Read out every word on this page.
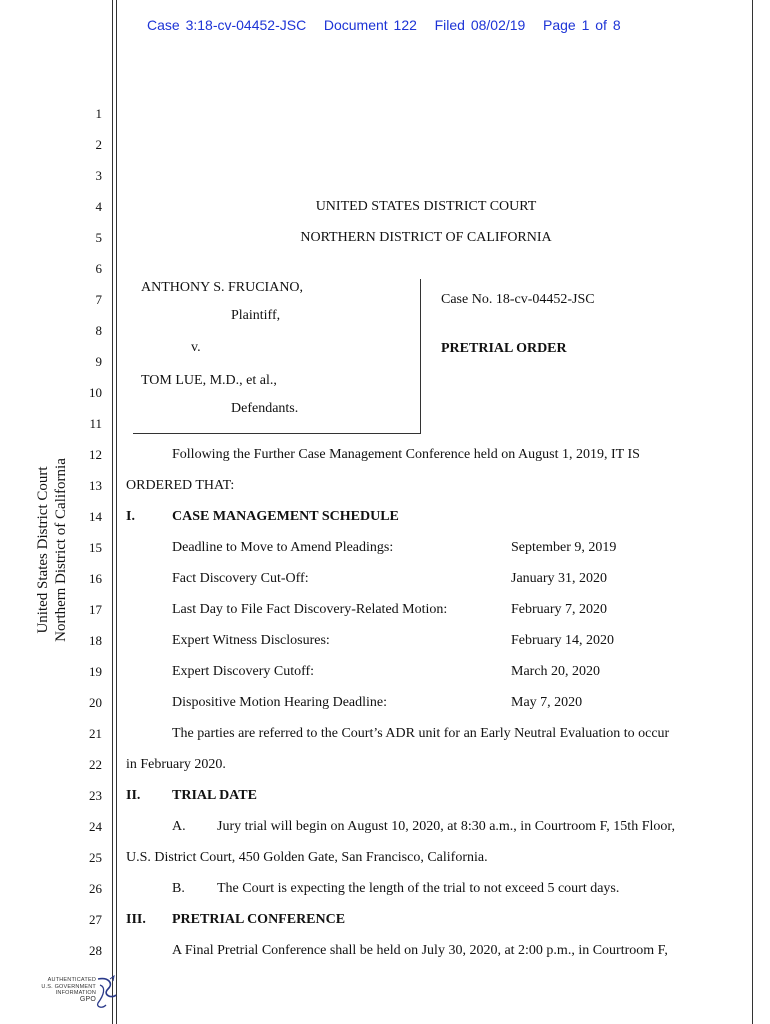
Case 3:18-cv-04452-JSC Document 122 Filed 08/02/19 Page 1 of 8
United States District Court Northern District of California
1
2
3
4
5
6
7
8
9
10
11
12
13
14
15
16
17
18
19
20
21
22
23
24
25
26
27
28
UNITED STATES DISTRICT COURT
NORTHERN DISTRICT OF CALIFORNIA
ANTHONY S. FRUCIANO,
Plaintiff,
v.
TOM LUE, M.D., et al.,
Defendants.
Case No. 18-cv-04452-JSC
PRETRIAL ORDER
Following the Further Case Management Conference held on August 1, 2019, IT IS
ORDERED THAT:
I.	CASE MANAGEMENT SCHEDULE
Deadline to Move to Amend Pleadings:	September 9, 2019
Fact Discovery Cut-Off:	January 31, 2020
Last Day to File Fact Discovery-Related Motion:	February 7, 2020
Expert Witness Disclosures:	February 14, 2020
Expert Discovery Cutoff:	March 20, 2020
Dispositive Motion Hearing Deadline:	May 7, 2020
The parties are referred to the Court’s ADR unit for an Early Neutral Evaluation to occur
in February 2020.
II. TRIAL DATE
A. Jury trial will begin on August 10, 2020, at 8:30 a.m., in Courtroom F, 15th Floor,
U.S. District Court, 450 Golden Gate, San Francisco, California.
B. The Court is expecting the length of the trial to not exceed 5 court days.
III. PRETRIAL CONFERENCE
A Final Pretrial Conference shall be held on July 30, 2020, at 2:00 p.m., in Courtroom F,
AUTHENTICATED
U.S. GOVERNMENT
INFORMATION
GPO
